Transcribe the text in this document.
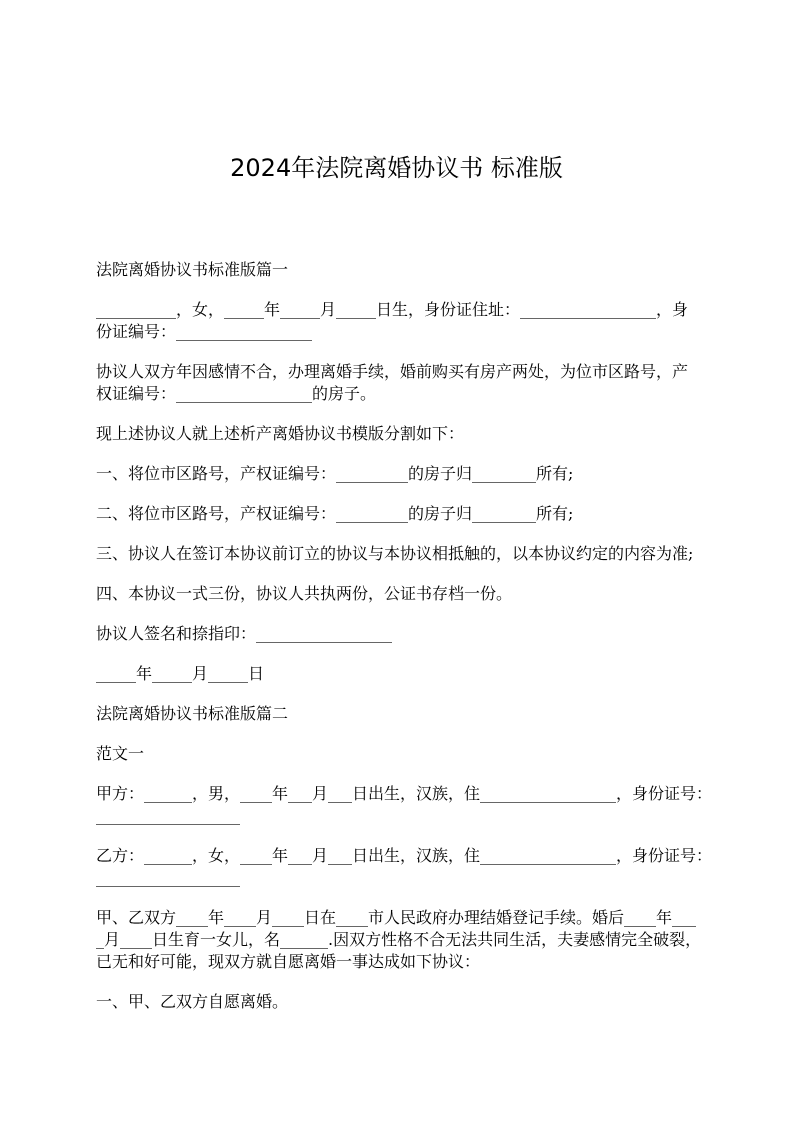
2024年法院离婚协议书 标准版
法院离婚协议书标准版篇一
__________，女，_____年_____月_____日生，身份证住址：_________________，身
份证编号：_________________
协议人双方年因感情不合，办理离婚手续，婚前购买有房产两处，为位市区路号，产
权证编号：_________________的房子。
现上述协议人就上述析产离婚协议书模版分割如下：
一、将位市区路号，产权证编号：_________的房子归________所有;
二、将位市区路号，产权证编号：_________的房子归________所有;
三、协议人在签订本协议前订立的协议与本协议相抵触的，以本协议约定的内容为准;
四、本协议一式三份，协议人共执两份，公证书存档一份。
协议人签名和捺指印：_________________
_____年_____月_____日
法院离婚协议书标准版篇二
范文一
甲方：______，男，____年___月___日出生，汉族，住_________________，身份证号：
__________________
乙方：______，女，____年___月___日出生，汉族，住_________________，身份证号：
__________________
甲、乙双方____年____月____日在____市人民政府办理结婚登记手续。婚后____年___
_月____日生育一女儿，名______.因双方性格不合无法共同生活，夫妻感情完全破裂，
已无和好可能，现双方就自愿离婚一事达成如下协议：
一、甲、乙双方自愿离婚。
